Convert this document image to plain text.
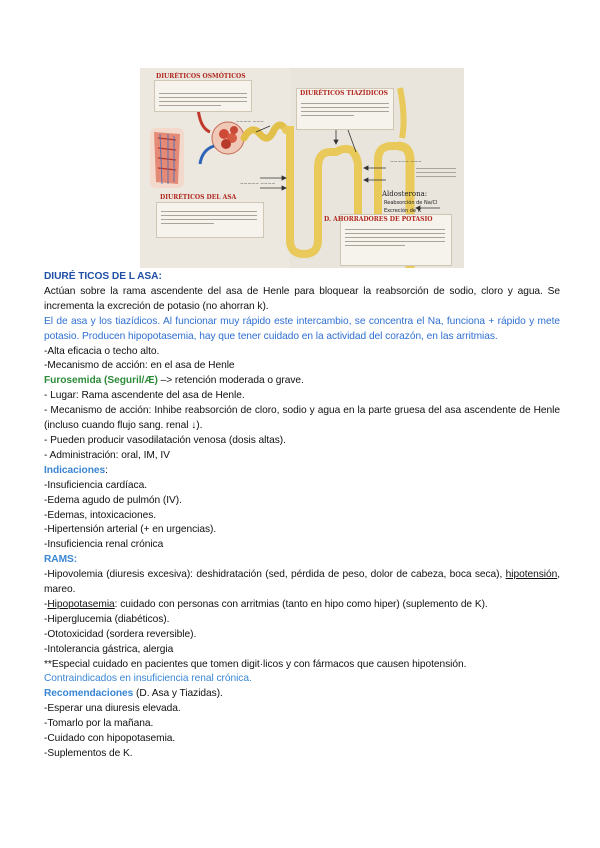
DIURÉTICOS OSMÓTICOS
DIURÉTICOS TIAZÍDICOS
DIURÉTICOS DEL ASA
D. AHORRADORES DE POTASIO
~~~~ ~~~
~~~~~ ~~~~
~~~~~ ~~~
Aldosterona:
Reabsorción de Na/Cl
Excreción de K

DIURÉ TICOS DE L ASA:

Actúan sobre la rama ascendente del asa de Henle para bloquear la reabsorción de sodio, cloro y agua. Se incrementa la excreción de potasio (no ahorran k).

El de asa y los tiazídicos. Al funcionar muy rápido este intercambio, se concentra el Na, funciona + rápido y mete potasio. Producen hipopotasemia, hay que tener cuidado en la actividad del corazón, en las arritmias.

-Alta eficacia o techo alto.

-Mecanismo de acción: en el asa de Henle

Furosemida (Seguril/Æ) –> retención moderada o grave.

- Lugar: Rama ascendente del asa de Henle.

- Mecanismo de acción: Inhibe reabsorción de cloro, sodio y agua en la parte gruesa del asa ascendente de Henle (incluso cuando flujo sang. renal ↓).

- Pueden producir vasodilatación venosa (dosis altas).

- Administración: oral, IM, IV

Indicaciones:

-Insuficiencia cardíaca.

-Edema agudo de pulmón (IV).

-Edemas, intoxicaciones.

-Hipertensión arterial (+ en urgencias).

-Insuficiencia renal crónica

RAMS:

-Hipovolemia (diuresis excesiva): deshidratación (sed, pérdida de peso, dolor de cabeza, boca seca), hipotensión, mareo.

-Hipopotasemia: cuidado con personas con arritmias (tanto en hipo como hiper) (suplemento de K).

-Hiperglucemia (diabéticos).

-Ototoxicidad (sordera reversible).

-Intolerancia gástrica, alergia

**Especial cuidado en pacientes que tomen digit·licos y con fármacos que causen hipotensión.

Contraindicados en insuficiencia renal crónica.

Recomendaciones (D. Asa y Tiazidas).

-Esperar una diuresis elevada.

-Tomarlo por la mañana.

-Cuidado con hipopotasemia.

-Suplementos de K.
